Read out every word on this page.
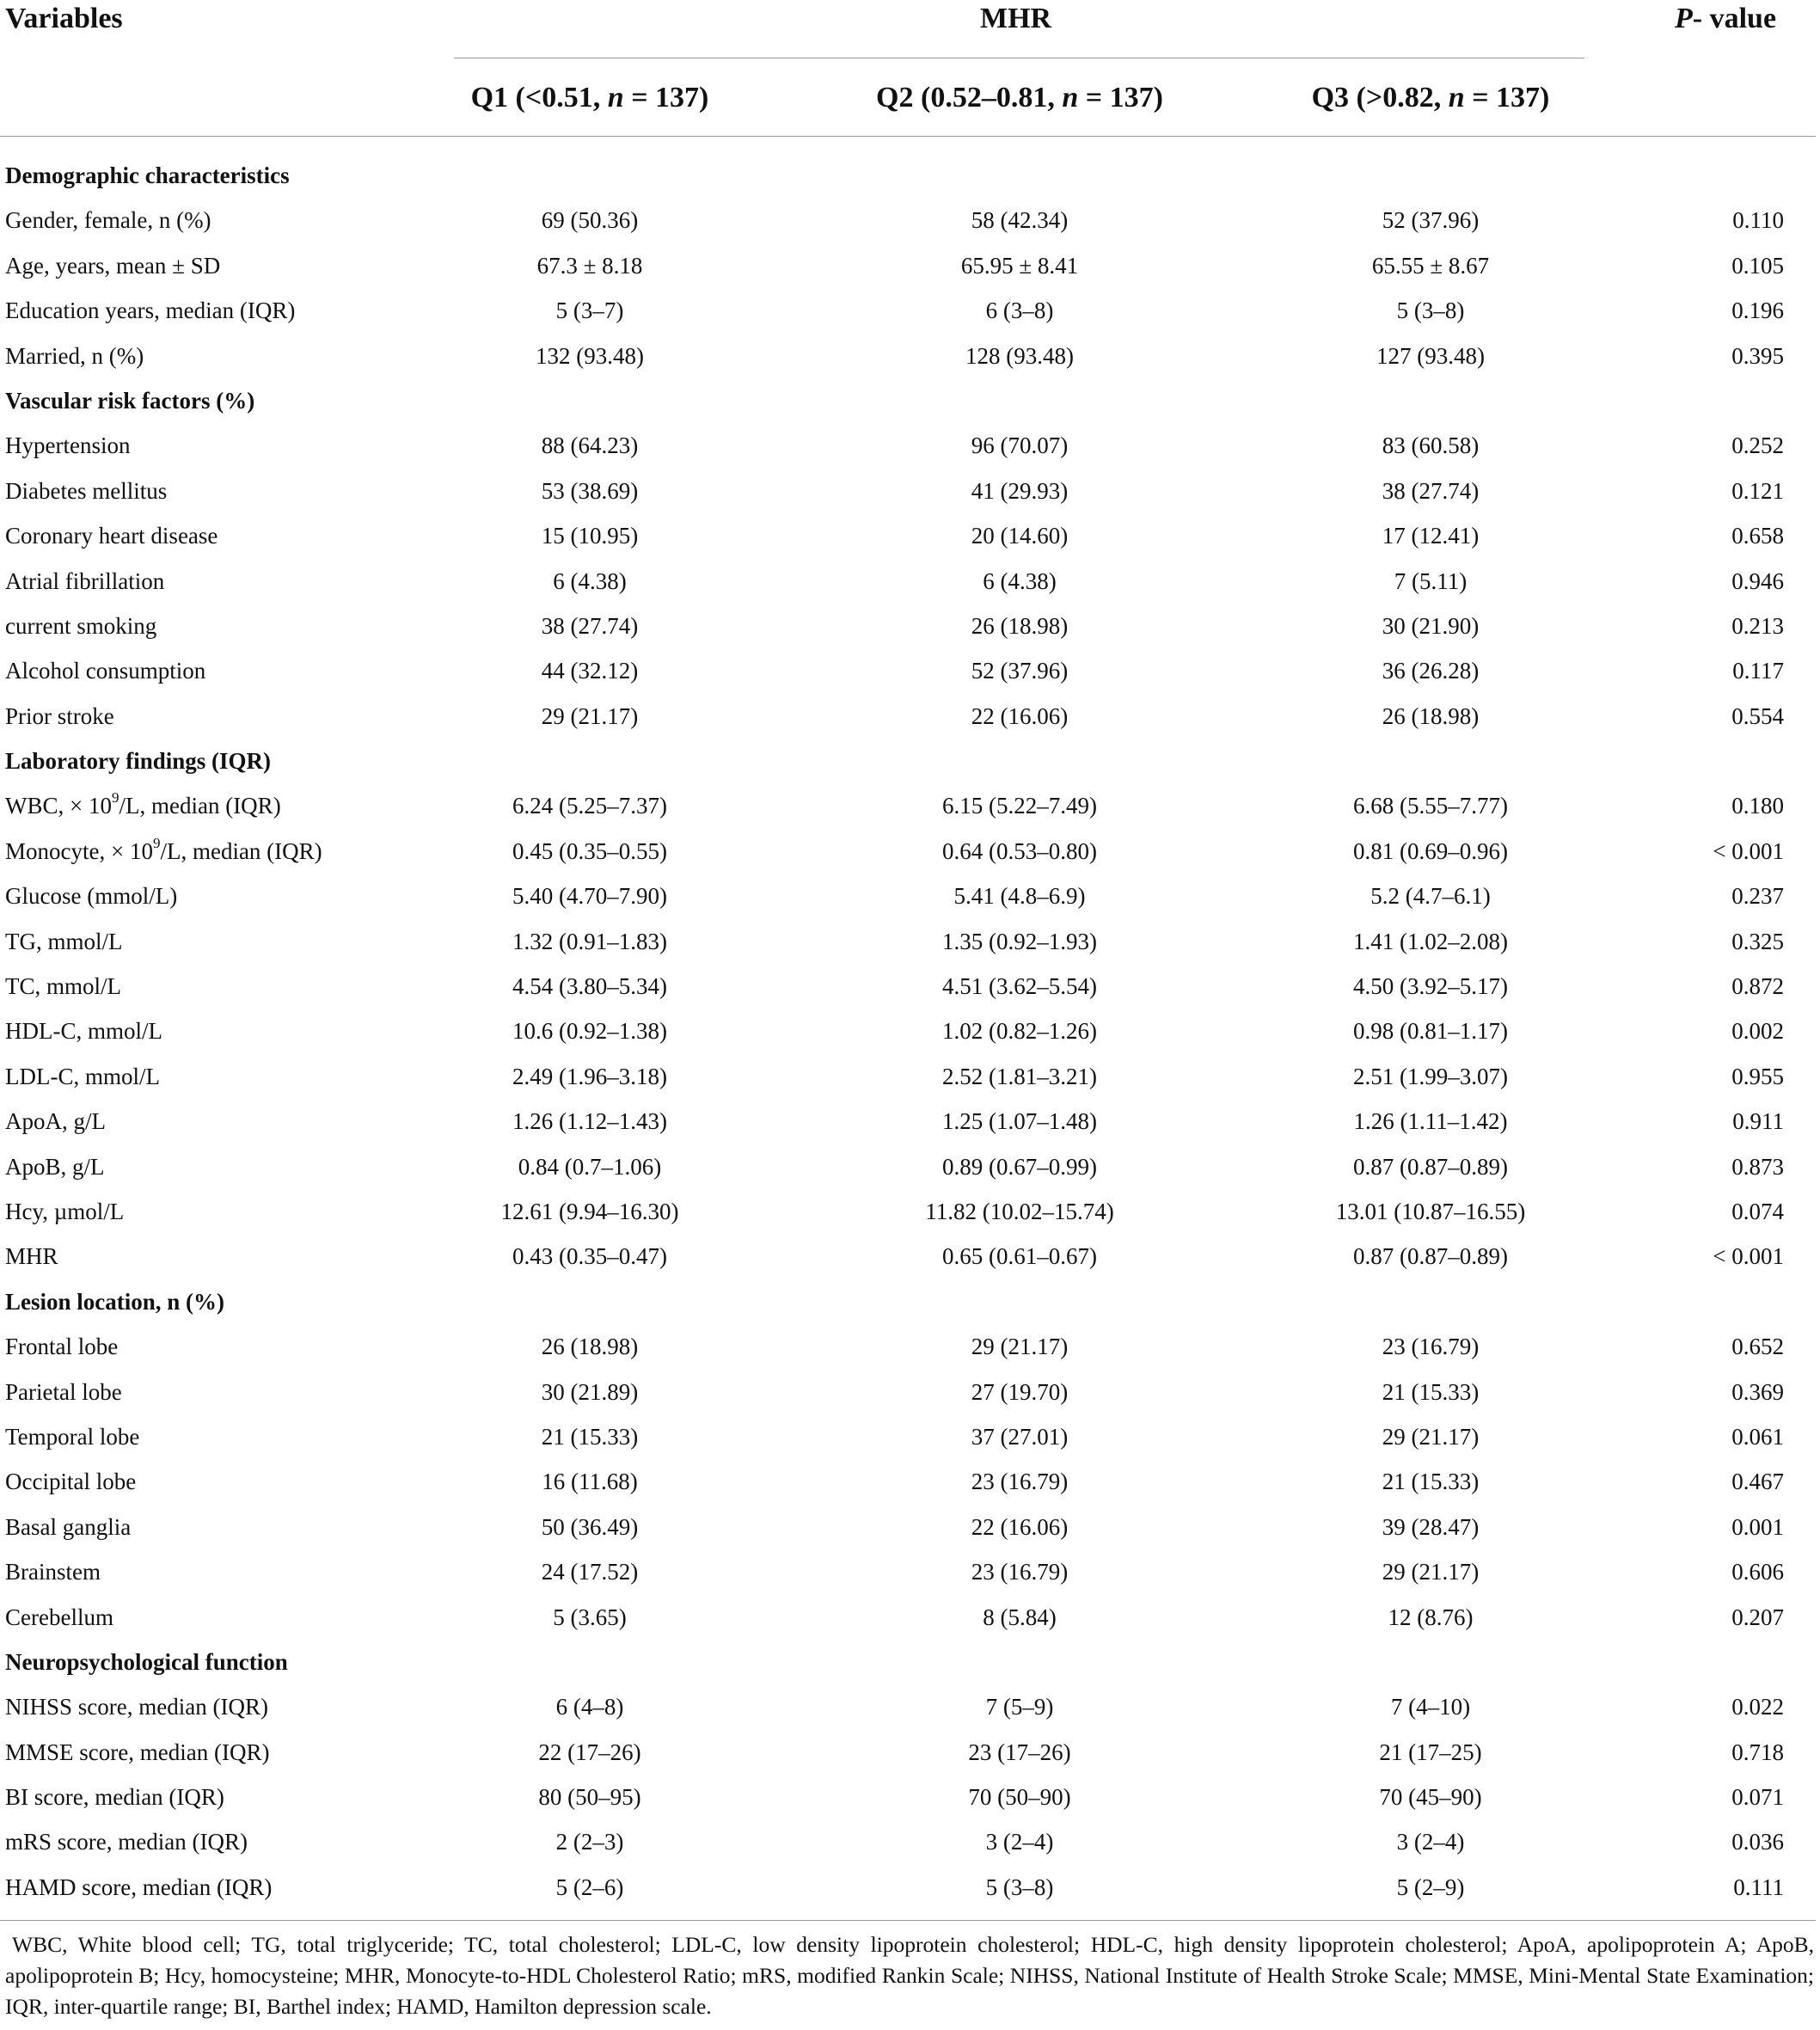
Variables	MHR	P- value
Q1 (<0.51, n = 137)	Q2 (0.52–0.81, n = 137)	Q3 (>0.82, n = 137)
Demographic characteristics
Gender, female, n (%)	69 (50.36)	58 (42.34)	52 (37.96)	0.110
Age, years, mean ± SD	67.3 ± 8.18	65.95 ± 8.41	65.55 ± 8.67	0.105
Education years, median (IQR)	5 (3–7)	6 (3–8)	5 (3–8)	0.196
Married, n (%)	132 (93.48)	128 (93.48)	127 (93.48)	0.395
Vascular risk factors (%)
Hypertension	88 (64.23)	96 (70.07)	83 (60.58)	0.252
Diabetes mellitus	53 (38.69)	41 (29.93)	38 (27.74)	0.121
Coronary heart disease	15 (10.95)	20 (14.60)	17 (12.41)	0.658
Atrial fibrillation	6 (4.38)	6 (4.38)	7 (5.11)	0.946
current smoking	38 (27.74)	26 (18.98)	30 (21.90)	0.213
Alcohol consumption	44 (32.12)	52 (37.96)	36 (26.28)	0.117
Prior stroke	29 (21.17)	22 (16.06)	26 (18.98)	0.554
Laboratory findings (IQR)
WBC, × $10^9/L$, median (IQR)	6.24 (5.25–7.37)	6.15 (5.22–7.49)	6.68 (5.55–7.77)	0.180
Monocyte, × $10^9/L$, median (IQR)	0.45 (0.35–0.55)	0.64 (0.53–0.80)	0.81 (0.69–0.96)	< 0.001
Glucose (mmol/L)	5.40 (4.70–7.90)	5.41 (4.8–6.9)	5.2 (4.7–6.1)	0.237
TG, mmol/L	1.32 (0.91–1.83)	1.35 (0.92–1.93)	1.41 (1.02–2.08)	0.325
TC, mmol/L	4.54 (3.80–5.34)	4.51 (3.62–5.54)	4.50 (3.92–5.17)	0.872
HDL-C, mmol/L	10.6 (0.92–1.38)	1.02 (0.82–1.26)	0.98 (0.81–1.17)	0.002
LDL-C, mmol/L	2.49 (1.96–3.18)	2.52 (1.81–3.21)	2.51 (1.99–3.07)	0.955
ApoA, g/L	1.26 (1.12–1.43)	1.25 (1.07–1.48)	1.26 (1.11–1.42)	0.911
ApoB, g/L	0.84 (0.7–1.06)	0.89 (0.67–0.99)	0.87 (0.87–0.89)	0.873
Hcy, µmol/L	12.61 (9.94–16.30)	11.82 (10.02–15.74)	13.01 (10.87–16.55)	0.074
MHR	0.43 (0.35–0.47)	0.65 (0.61–0.67)	0.87 (0.87–0.89)	< 0.001
Lesion location, n (%)
Frontal lobe	26 (18.98)	29 (21.17)	23 (16.79)	0.652
Parietal lobe	30 (21.89)	27 (19.70)	21 (15.33)	0.369
Temporal lobe	21 (15.33)	37 (27.01)	29 (21.17)	0.061
Occipital lobe	16 (11.68)	23 (16.79)	21 (15.33)	0.467
Basal ganglia	50 (36.49)	22 (16.06)	39 (28.47)	0.001
Brainstem	24 (17.52)	23 (16.79)	29 (21.17)	0.606
Cerebellum	5 (3.65)	8 (5.84)	12 (8.76)	0.207
Neuropsychological function
NIHSS score, median (IQR)	6 (4–8)	7 (5–9)	7 (4–10)	0.022
MMSE score, median (IQR)	22 (17–26)	23 (17–26)	21 (17–25)	0.718
BI score, median (IQR)	80 (50–95)	70 (50–90)	70 (45–90)	0.071
mRS score, median (IQR)	2 (2–3)	3 (2–4)	3 (2–4)	0.036
HAMD score, median (IQR)	5 (2–6)	5 (3–8)	5 (2–9)	0.111
WBC, White blood cell; TG, total triglyceride; TC, total cholesterol; LDL-C, low density lipoprotein cholesterol; HDL-C, high density lipoprotein cholesterol; ApoA, apolipoprotein A; ApoB, apolipoprotein B; Hcy, homocysteine; MHR, Monocyte-to-HDL Cholesterol Ratio; mRS, modified Rankin Scale; NIHSS, National Institute of Health Stroke Scale; MMSE, Mini-Mental State Examination; IQR, inter-quartile range; BI, Barthel index; HAMD, Hamilton depression scale.
